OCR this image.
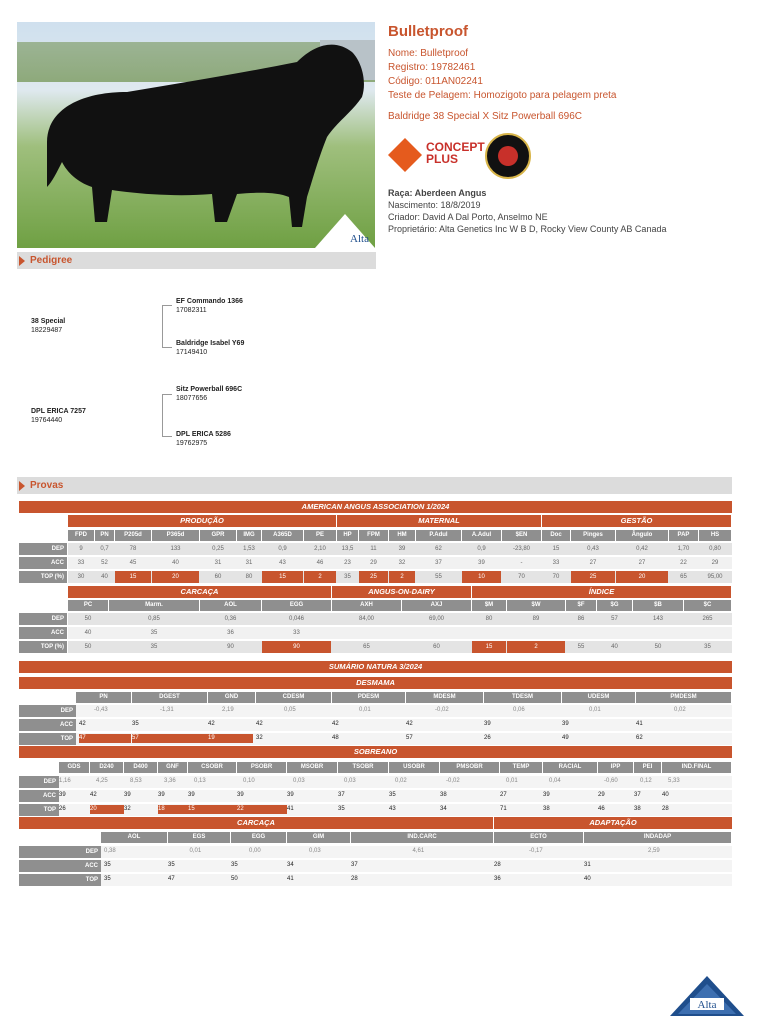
Alta
Bulletproof
Nome: Bulletproof
Registro: 19782461
Código: 011AN02241
Teste de Pelagem: Homozigoto para pelagem preta
Baldridge 38 Special X Sitz Powerball 696C
CONCEPT
PLUS
Raça: Aberdeen Angus
Nascimento: 18/8/2019
Criador: David A Dal Porto, Anselmo NE
Proprietário: Alta Genetics Inc W B D, Rocky View County AB Canada
Pedigree
38 Special
18229487
EF Commando 1366
17082311
Baldridge Isabel Y69
17149410
DPL ERICA 7257
19764440
Sitz Powerball 696C
18077656
DPL ERICA 5286
19762975
Provas
AMERICAN ANGUS ASSOCIATION 1/2024
PRODUÇÃO	MATERNAL	GESTÃO
FPD	PN	P205d	P365d	GPR	IMG	A365D	PE	HP	FPM	HM	P.Adul	A.Adul	$EN	Doc	Pinges	Ângulo	PAP	HS
DEP	9	0,7	78	133	0,25	1,53	0,9	2,10	13,5	11	39	62	0,9	-23,80	15	0,43	0,42	1,70	0,80
ACC	33	52	45	40	31	31	43	46	23	29	32	37	39	-	33	27	27	22	29
TOP (%)	30	40	15	20	60	80	15	2	35	25	2	55	10	70	70	25	20	65	95,00
CARCAÇA	ANGUS-ON-DAIRY	ÍNDICE
PC	Marm.	AOL	EGG	AXH	AXJ	$M	$W	$F	$G	$B	$C
DEP	50	0,85	0,36	0,046	84,00	69,00	80	89	86	57	143	265
ACC	40	35	36	33
TOP (%)	50	35	90	90	65	60	15	2	55	40	50	35
SUMÁRIO NATURA 3/2024
DESMAMA
PN	DGEST	GND	CDESM	PDESM	MDESM	TDESM	UDESM	PMDESM
DEP	-0,43	-1,31	2,19	0,05	0,01	-0,02	0,06	0,01	0,02
ACC	42	35	42	42	42	42	39	39	41
TOP	47	57	19	32	48	57	26	49	62
SOBREANO
GDS	D240	D400	GNF	CSOBR	PSOBR	MSOBR	TSOBR	USOBR	PMSOBR	TEMP	RACIAL	IPP	PEI	IND.FINAL
DEP 1,16	4,25	8,53	3,36	0,13	0,10	0,03	0,03	0,02	-0,02	0,01	0,04	-0,60	0,12	5,33
ACC 39	42	39	39	39	39	39	37	35	38	27	39	29	37	40
TOP 26	20	32	18	15	22	41	35	43	34	71	38	46	38	28
CARCAÇA	ADAPTAÇÃO
AOL	EGS	EGG	GIM	IND.CARC	ECTO	INDADAP
DEP	0,38	0,01	0,00	0,03	4,61	-0,17	2,59
ACC	35	35	35	34	37	28	31
TOP	35	47	50	41	28	36	40
Alta
